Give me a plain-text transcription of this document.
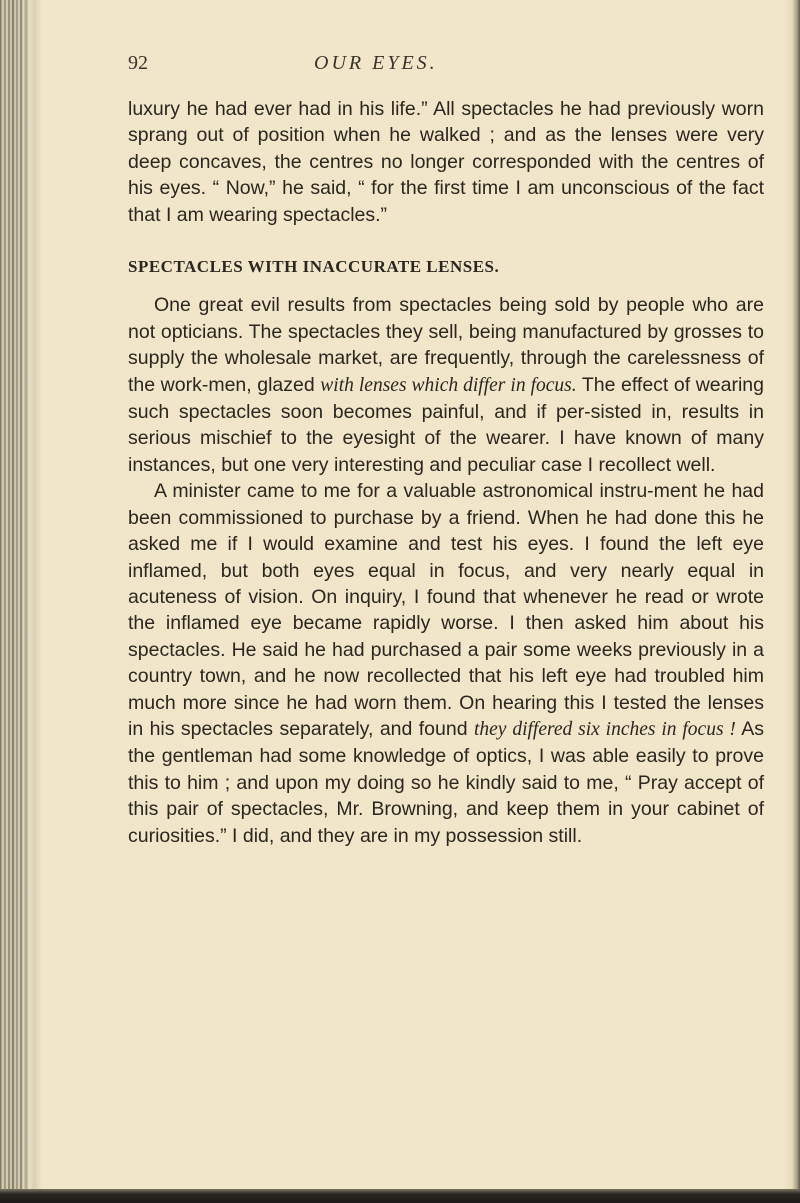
92	OUR EYES.

luxury he had ever had in his life.” All spectacles he had previously worn sprang out of position when he walked ; and as the lenses were very deep concaves, the centres no longer corresponded with the centres of his eyes. “ Now,” he said, “ for the first time I am unconscious of the fact that I am wearing spectacles.”

SPECTACLES WITH INACCURATE LENSES.

One great evil results from spectacles being sold by people who are not opticians. The spectacles they sell, being manufactured by grosses to supply the wholesale market, are frequently, through the carelessness of the work-men, glazed with lenses which differ in focus. The effect of wearing such spectacles soon becomes painful, and if per-sisted in, results in serious mischief to the eyesight of the wearer. I have known of many instances, but one very interesting and peculiar case I recollect well.

A minister came to me for a valuable astronomical instru-ment he had been commissioned to purchase by a friend. When he had done this he asked me if I would examine and test his eyes. I found the left eye inflamed, but both eyes equal in focus, and very nearly equal in acuteness of vision. On inquiry, I found that whenever he read or wrote the inflamed eye became rapidly worse. I then asked him about his spectacles. He said he had purchased a pair some weeks previously in a country town, and he now recollected that his left eye had troubled him much more since he had worn them. On hearing this I tested the lenses in his spectacles separately, and found they differed six inches in focus ! As the gentleman had some knowledge of optics, I was able easily to prove this to him ; and upon my doing so he kindly said to me, “ Pray accept of this pair of spectacles, Mr. Browning, and keep them in your cabinet of curiosities.” I did, and they are in my possession still.
